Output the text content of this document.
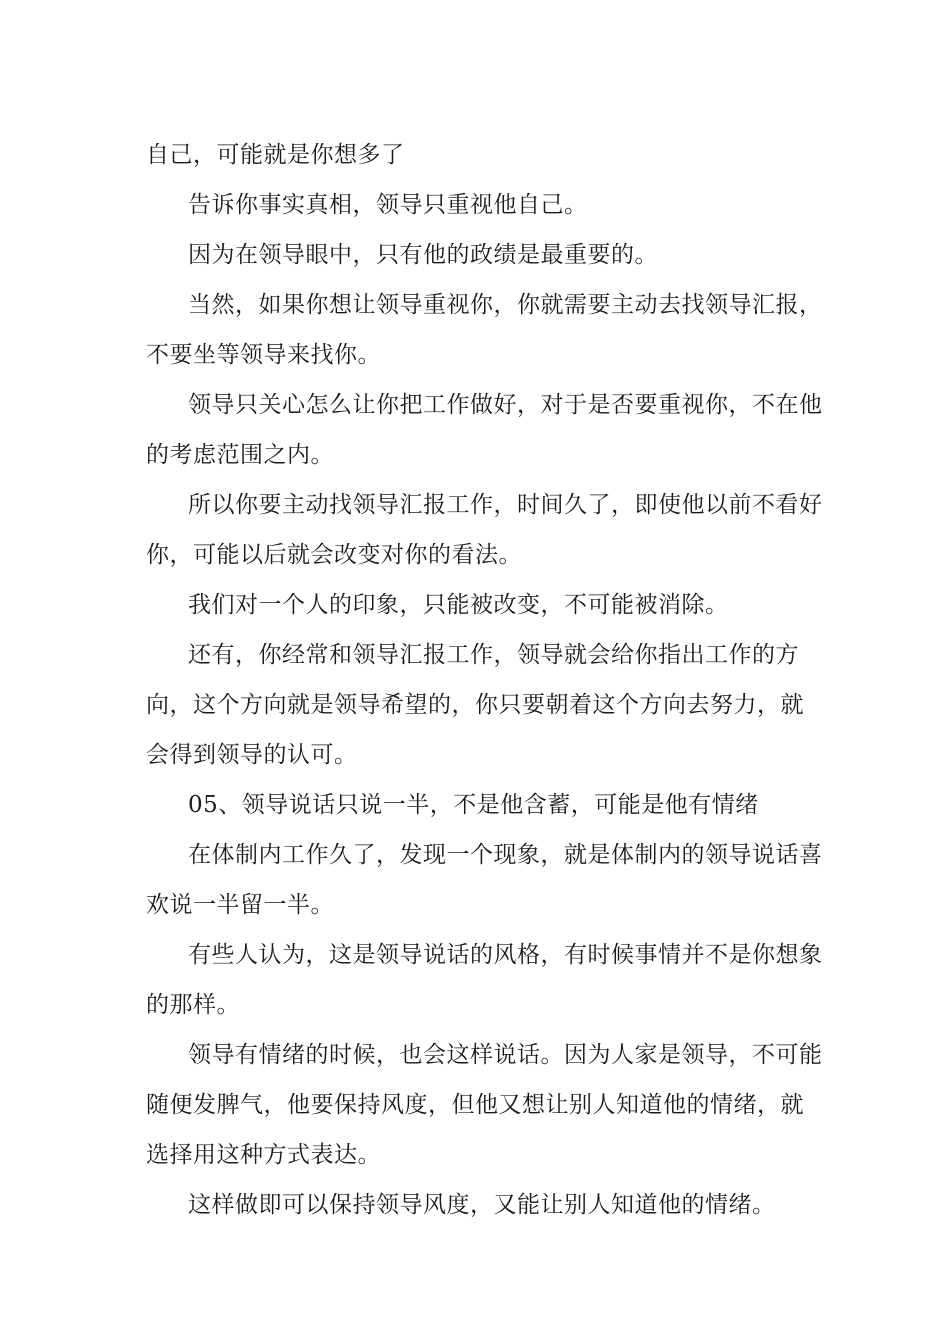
自己，可能就是你想多了

告诉你事实真相，领导只重视他自己。

因为在领导眼中，只有他的政绩是最重要的。

当然，如果你想让领导重视你，你就需要主动去找领导汇报，不要坐等领导来找你。

领导只关心怎么让你把工作做好，对于是否要重视你，不在他的考虑范围之内。

所以你要主动找领导汇报工作，时间久了，即使他以前不看好你，可能以后就会改变对你的看法。

我们对一个人的印象，只能被改变，不可能被消除。

还有，你经常和领导汇报工作，领导就会给你指出工作的方向，这个方向就是领导希望的，你只要朝着这个方向去努力，就会得到领导的认可。

05、领导说话只说一半，不是他含蓄，可能是他有情绪

在体制内工作久了，发现一个现象，就是体制内的领导说话喜欢说一半留一半。

有些人认为，这是领导说话的风格，有时候事情并不是你想象的那样。

领导有情绪的时候，也会这样说话。因为人家是领导，不可能随便发脾气，他要保持风度，但他又想让别人知道他的情绪，就选择用这种方式表达。

这样做即可以保持领导风度，又能让别人知道他的情绪。
